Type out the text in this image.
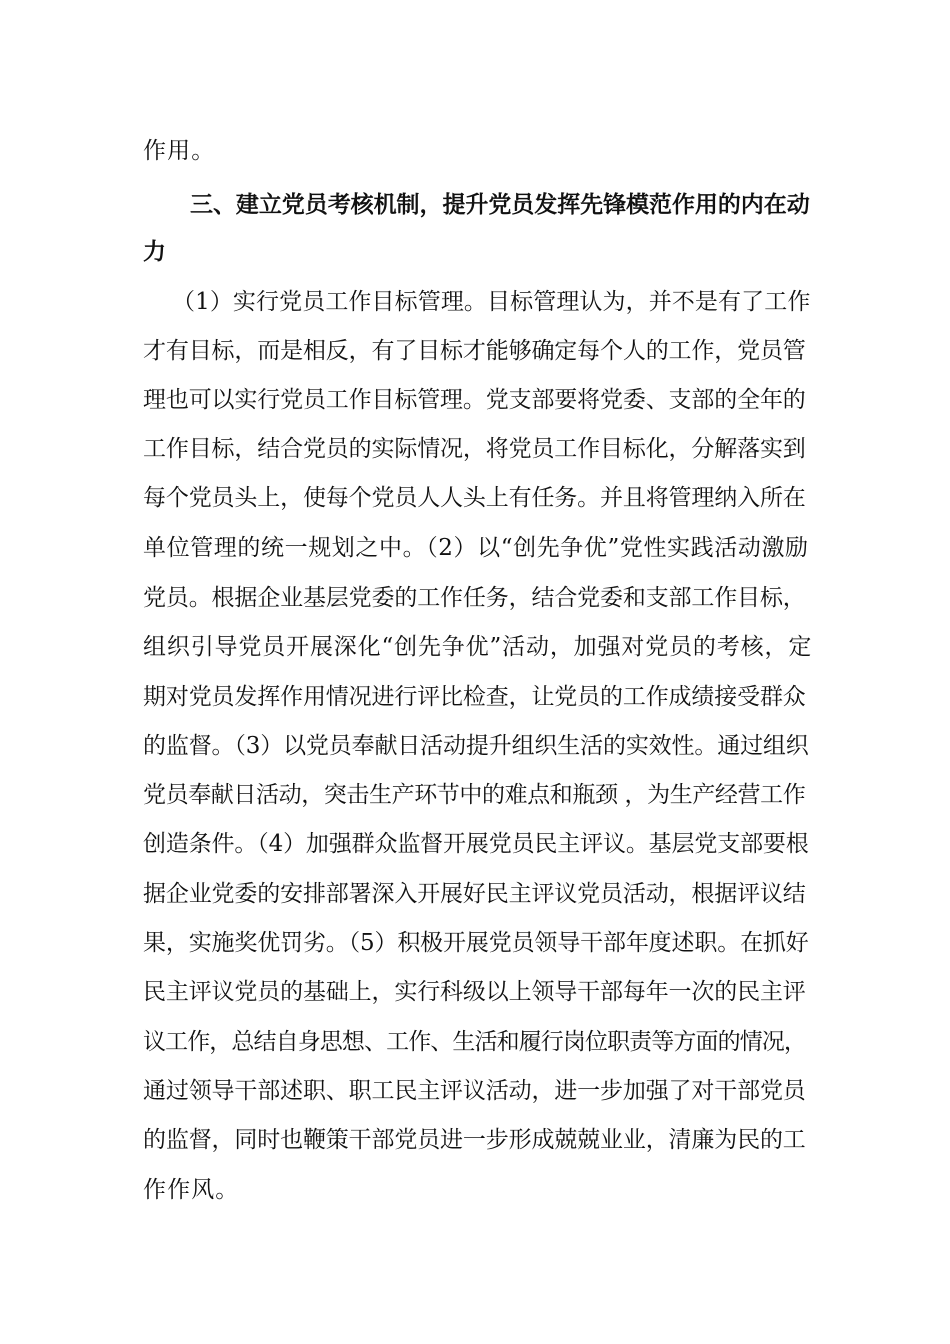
作用。
三、建立党员考核机制，提升党员发挥先锋模范作用的内在动
力
（1）实行党员工作目标管理。目标管理认为，并不是有了工作
才有目标，而是相反，有了目标才能够确定每个人的工作，党员管
理也可以实行党员工作目标管理。党支部要将党委、支部的全年的
工作目标，结合党员的实际情况，将党员工作目标化，分解落实到
每个党员头上，使每个党员人人头上有任务。并且将管理纳入所在
单位管理的统一规划之中。（2）以“创先争优”党性实践活动激励
党员。根据企业基层党委的工作任务，结合党委和支部工作目标，
组织引导党员开展深化“创先争优”活动，加强对党员的考核，定
期对党员发挥作用情况进行评比检查，让党员的工作成绩接受群众
的监督。（3）以党员奉献日活动提升组织生活的实效性。通过组织
党员奉献日活动，突击生产环节中的难点和瓶颈 ，为生产经营工作
创造条件。（4）加强群众监督开展党员民主评议。基层党支部要根
据企业党委的安排部署深入开展好民主评议党员活动，根据评议结
果，实施奖优罚劣。（5）积极开展党员领导干部年度述职。在抓好
民主评议党员的基础上，实行科级以上领导干部每年一次的民主评
议工作，总结自身思想、工作、生活和履行岗位职责等方面的情况，
通过领导干部述职、职工民主评议活动，进一步加强了对干部党员
的监督，同时也鞭策干部党员进一步形成兢兢业业，清廉为民的工
作作风。
